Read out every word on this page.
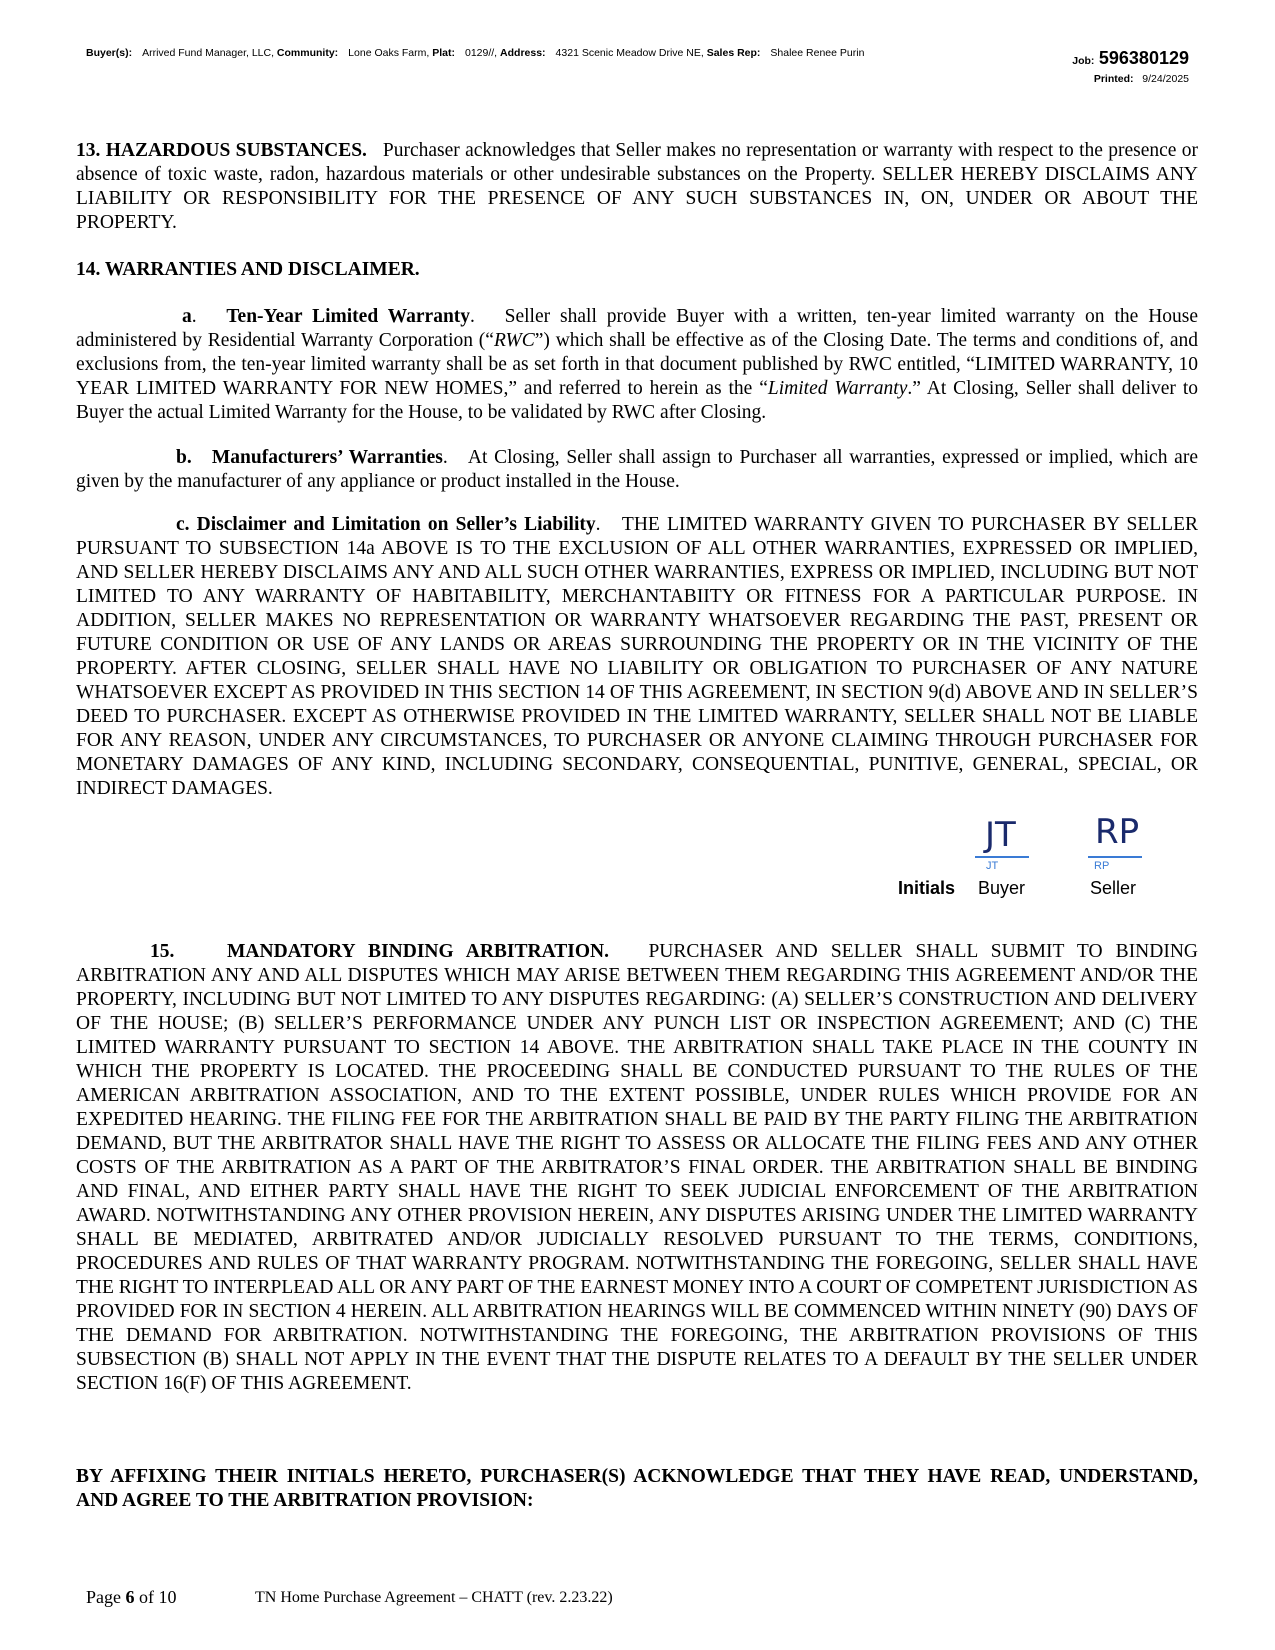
Buyer(s): Arrived Fund Manager, LLC, Community: Lone Oaks Farm, Plat: 0129//, Address: 4321 Scenic Meadow Drive NE, Sales Rep: Shalee Renee Purin
Job: 596380129
Printed: 9/24/2025

13. HAZARDOUS SUBSTANCES. Purchaser acknowledges that Seller makes no representation or warranty with respect to the presence or absence of toxic waste, radon, hazardous materials or other undesirable substances on the Property. SELLER HEREBY DISCLAIMS ANY LIABILITY OR RESPONSIBILITY FOR THE PRESENCE OF ANY SUCH SUBSTANCES IN, ON, UNDER OR ABOUT THE PROPERTY.

14. WARRANTIES AND DISCLAIMER.

a.   Ten-Year Limited Warranty.   Seller shall provide Buyer with a written, ten-year limited warranty on the House administered by Residential Warranty Corporation (“RWC”) which shall be effective as of the Closing Date. The terms and conditions of, and exclusions from, the ten-year limited warranty shall be as set forth in that document published by RWC entitled, “LIMITED WARRANTY, 10 YEAR LIMITED WARRANTY FOR NEW HOMES,” and referred to herein as the “Limited Warranty.” At Closing, Seller shall deliver to Buyer the actual Limited Warranty for the House, to be validated by RWC after Closing.

b. Manufacturers’ Warranties.   At Closing, Seller shall assign to Purchaser all warranties, expressed or implied, which are given by the manufacturer of any appliance or product installed in the House.

c. Disclaimer and Limitation on Seller’s Liability.   THE LIMITED WARRANTY GIVEN TO PURCHASER BY SELLER PURSUANT TO SUBSECTION 14a ABOVE IS TO THE EXCLUSION OF ALL OTHER WARRANTIES, EXPRESSED OR IMPLIED, AND SELLER HEREBY DISCLAIMS ANY AND ALL SUCH OTHER WARRANTIES, EXPRESS OR IMPLIED, INCLUDING BUT NOT LIMITED TO ANY WARRANTY OF HABITABILITY, MERCHANTABIITY OR FITNESS FOR A PARTICULAR PURPOSE. IN ADDITION, SELLER MAKES NO REPRESENTATION OR WARRANTY WHATSOEVER REGARDING THE PAST, PRESENT OR FUTURE CONDITION OR USE OF ANY LANDS OR AREAS SURROUNDING THE PROPERTY OR IN THE VICINITY OF THE PROPERTY. AFTER CLOSING, SELLER SHALL HAVE NO LIABILITY OR OBLIGATION TO PURCHASER OF ANY NATURE WHATSOEVER EXCEPT AS PROVIDED IN THIS SECTION 14 OF THIS AGREEMENT, IN SECTION 9(d) ABOVE AND IN SELLER’S DEED TO PURCHASER. EXCEPT AS OTHERWISE PROVIDED IN THE LIMITED WARRANTY, SELLER SHALL NOT BE LIABLE FOR ANY REASON, UNDER ANY CIRCUMSTANCES, TO PURCHASER OR ANYONE CLAIMING THROUGH PURCHASER FOR MONETARY DAMAGES OF ANY KIND, INCLUDING SECONDARY, CONSEQUENTIAL, PUNITIVE, GENERAL, SPECIAL, OR INDIRECT DAMAGES.

JT
JT
RP
RP
Initials Buyer	Seller

15.	MANDATORY BINDING ARBITRATION. PURCHASER AND SELLER SHALL SUBMIT TO BINDING ARBITRATION ANY AND ALL DISPUTES WHICH MAY ARISE BETWEEN THEM REGARDING THIS AGREEMENT AND/OR THE PROPERTY, INCLUDING BUT NOT LIMITED TO ANY DISPUTES REGARDING: (A) SELLER’S CONSTRUCTION AND DELIVERY OF THE HOUSE; (B) SELLER’S PERFORMANCE UNDER ANY PUNCH LIST OR INSPECTION AGREEMENT; AND (C) THE LIMITED WARRANTY PURSUANT TO SECTION 14 ABOVE. THE ARBITRATION SHALL TAKE PLACE IN THE COUNTY IN WHICH THE PROPERTY IS LOCATED. THE PROCEEDING SHALL BE CONDUCTED PURSUANT TO THE RULES OF THE AMERICAN ARBITRATION ASSOCIATION, AND TO THE EXTENT POSSIBLE, UNDER RULES WHICH PROVIDE FOR AN EXPEDITED HEARING. THE FILING FEE FOR THE ARBITRATION SHALL BE PAID BY THE PARTY FILING THE ARBITRATION DEMAND, BUT THE ARBITRATOR SHALL HAVE THE RIGHT TO ASSESS OR ALLOCATE THE FILING FEES AND ANY OTHER COSTS OF THE ARBITRATION AS A PART OF THE ARBITRATOR’S FINAL ORDER. THE ARBITRATION SHALL BE BINDING AND FINAL, AND EITHER PARTY SHALL HAVE THE RIGHT TO SEEK JUDICIAL ENFORCEMENT OF THE ARBITRATION AWARD. NOTWITHSTANDING ANY OTHER PROVISION HEREIN, ANY DISPUTES ARISING UNDER THE LIMITED WARRANTY SHALL BE MEDIATED, ARBITRATED AND/OR JUDICIALLY RESOLVED PURSUANT TO THE TERMS, CONDITIONS, PROCEDURES AND RULES OF THAT WARRANTY PROGRAM. NOTWITHSTANDING THE FOREGOING, SELLER SHALL HAVE THE RIGHT TO INTERPLEAD ALL OR ANY PART OF THE EARNEST MONEY INTO A COURT OF COMPETENT JURISDICTION AS PROVIDED FOR IN SECTION 4 HEREIN. ALL ARBITRATION HEARINGS WILL BE COMMENCED WITHIN NINETY (90) DAYS OF THE DEMAND FOR ARBITRATION. NOTWITHSTANDING THE FOREGOING, THE ARBITRATION PROVISIONS OF THIS SUBSECTION (B) SHALL NOT APPLY IN THE EVENT THAT THE DISPUTE RELATES TO A DEFAULT BY THE SELLER UNDER SECTION 16(F) OF THIS AGREEMENT.

BY AFFIXING THEIR INITIALS HERETO, PURCHASER(S) ACKNOWLEDGE THAT THEY HAVE READ, UNDERSTAND, AND AGREE TO THE ARBITRATION PROVISION:

Page 6 of 10	TN Home Purchase Agreement – CHATT (rev. 2.23.22)
